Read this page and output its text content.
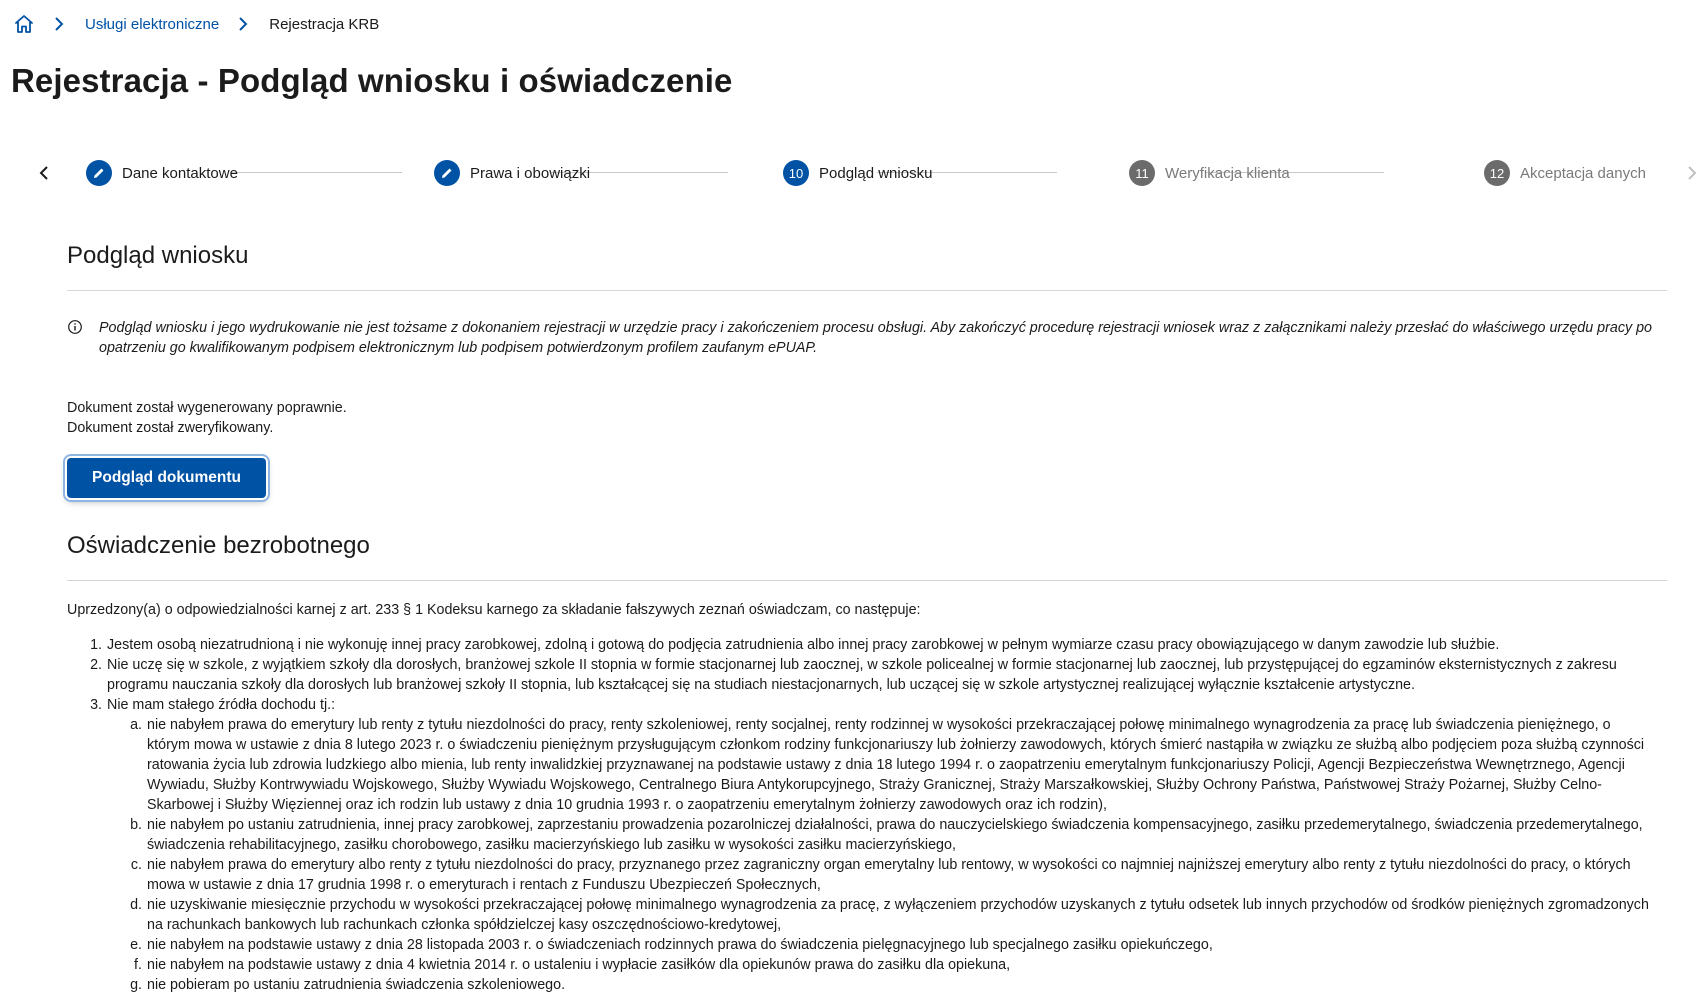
Usługi elektroniczne	Rejestracja KRB
Rejestracja - Podgląd wniosku i oświadczenie
Dane kontaktowe	Prawa i obowiązki	10	Podgląd wniosku	11	Weryfikacja klienta	12	Akceptacja danych
Podgląd wniosku

Podgląd wniosku i jego wydrukowanie nie jest tożsame z dokonaniem rejestracji w urzędzie pracy i zakończeniem procesu obsługi. Aby zakończyć procedurę rejestracji wniosek wraz z załącznikami należy przesłać do właściwego urzędu pracy po opatrzeniu go kwalifikowanym podpisem elektronicznym lub podpisem potwierdzonym profilem zaufanym ePUAP.

Dokument został wygenerowany poprawnie.
Dokument został zweryfikowany.
Podgląd dokumentu
Oświadczenie bezrobotnego

Uprzedzony(a) o odpowiedzialności karnej z art. 233 § 1 Kodeksu karnego za składanie fałszywych zeznań oświadczam, co następuje:

1. Jestem osobą niezatrudnioną i nie wykonuję innej pracy zarobkowej, zdolną i gotową do podjęcia zatrudnienia albo innej pracy zarobkowej w pełnym wymiarze czasu pracy obowiązującego w danym zawodzie lub służbie.
2. Nie uczę się w szkole, z wyjątkiem szkoły dla dorosłych, branżowej szkole II stopnia w formie stacjonarnej lub zaocznej, w szkole policealnej w formie stacjonarnej lub zaocznej, lub przystępującej do egzaminów eksternistycznych z zakresu programu nauczania szkoły dla dorosłych lub branżowej szkoły II stopnia, lub kształcącej się na studiach niestacjonarnych, lub uczącej się w szkole artystycznej realizującej wyłącznie kształcenie artystyczne.
3. Nie mam stałego źródła dochodu tj.:
a. nie nabyłem prawa do emerytury lub renty z tytułu niezdolności do pracy, renty szkoleniowej, renty socjalnej, renty rodzinnej w wysokości przekraczającej połowę minimalnego wynagrodzenia za pracę lub świadczenia pieniężnego, o którym mowa w ustawie z dnia 8 lutego 2023 r. o świadczeniu pieniężnym przysługującym członkom rodziny funkcjonariuszy lub żołnierzy zawodowych, których śmierć nastąpiła w związku ze służbą albo podjęciem poza służbą czynności ratowania życia lub zdrowia ludzkiego albo mienia, lub renty inwalidzkiej przyznawanej na podstawie ustawy z dnia 18 lutego 1994 r. o zaopatrzeniu emerytalnym funkcjonariuszy Policji, Agencji Bezpieczeństwa Wewnętrznego, Agencji Wywiadu, Służby Kontrwywiadu Wojskowego, Służby Wywiadu Wojskowego, Centralnego Biura Antykorupcyjnego, Straży Granicznej, Straży Marszałkowskiej, Służby Ochrony Państwa, Państwowej Straży Pożarnej, Służby Celno-Skarbowej i Służby Więziennej oraz ich rodzin lub ustawy z dnia 10 grudnia 1993 r. o zaopatrzeniu emerytalnym żołnierzy zawodowych oraz ich rodzin),
b. nie nabyłem po ustaniu zatrudnienia, innej pracy zarobkowej, zaprzestaniu prowadzenia pozarolniczej działalności, prawa do nauczycielskiego świadczenia kompensacyjnego, zasiłku przedemerytalnego, świadczenia przedemerytalnego, świadczenia rehabilitacyjnego, zasiłku chorobowego, zasiłku macierzyńskiego lub zasiłku w wysokości zasiłku macierzyńskiego,
c. nie nabyłem prawa do emerytury albo renty z tytułu niezdolności do pracy, przyznanego przez zagraniczny organ emerytalny lub rentowy, w wysokości co najmniej najniższej emerytury albo renty z tytułu niezdolności do pracy, o których mowa w ustawie z dnia 17 grudnia 1998 r. o emeryturach i rentach z Funduszu Ubezpieczeń Społecznych,
d. nie uzyskiwanie miesięcznie przychodu w wysokości przekraczającej połowę minimalnego wynagrodzenia za pracę, z wyłączeniem przychodów uzyskanych z tytułu odsetek lub innych przychodów od środków pieniężnych zgromadzonych na rachunkach bankowych lub rachunkach członka spółdzielczej kasy oszczędnościowo-kredytowej,
e. nie nabyłem na podstawie ustawy z dnia 28 listopada 2003 r. o świadczeniach rodzinnych prawa do świadczenia pielęgnacyjnego lub specjalnego zasiłku opiekuńczego,
f. nie nabyłem na podstawie ustawy z dnia 4 kwietnia 2014 r. o ustaleniu i wypłacie zasiłków dla opiekunów prawa do zasiłku dla opiekuna,
g. nie pobieram po ustaniu zatrudnienia świadczenia szkoleniowego.
